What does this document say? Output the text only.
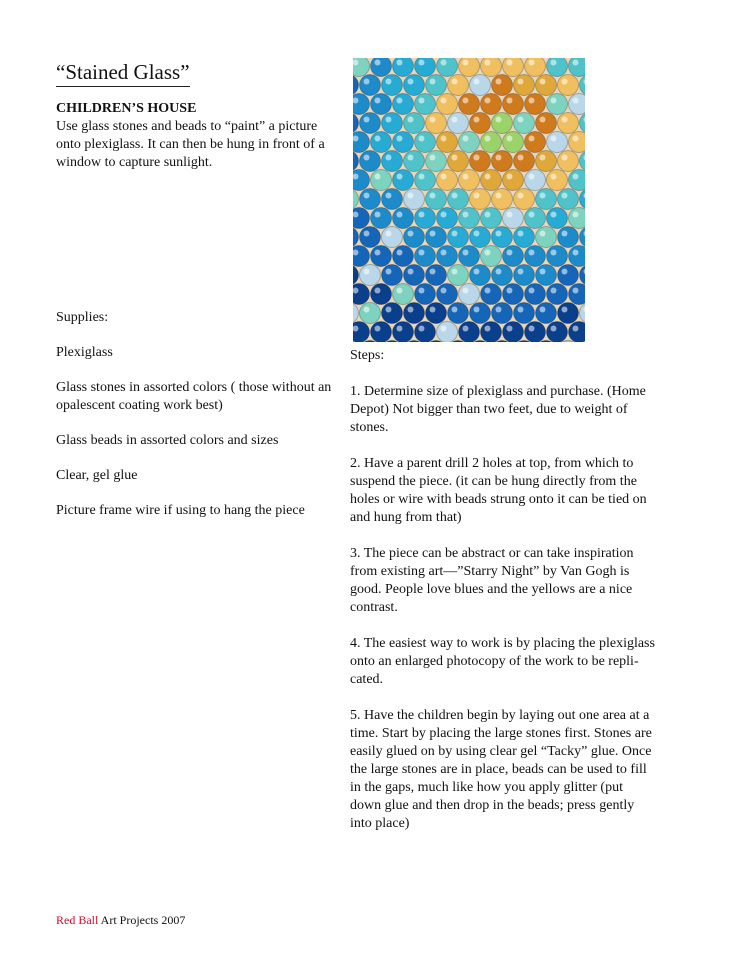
“Stained Glass”
CHILDREN’S HOUSE

Use glass stones and beads to “paint” a picture onto plexiglass. It can then be hung in front of a window to capture sunlight.

Supplies:
Plexiglass
Glass stones in assorted colors ( those without an opalescent coating work best)
Glass beads in assorted colors and sizes
Clear, gel glue
Picture frame wire if using to hang the piece
Steps:
1. Determine size of plexiglass and purchase. (Home Depot) Not bigger than two feet, due to weight of stones.
2. Have a parent drill 2 holes at top, from which to suspend the piece. (it can be hung directly from the holes or wire with beads strung onto it can be tied on and hung from that)
3. The piece can be abstract or can take inspiration from existing art—”Starry Night” by Van Gogh is good. People love blues and the yellows are a nice contrast.
4. The easiest way to work is by placing the plexiglass onto an enlarged photocopy of the work to be repli-cated.
5. Have the children begin by laying out one area at a time. Start by placing the large stones first. Stones are easily glued on by using clear gel “Tacky” glue. Once the large stones are in place, beads can be used to fill in the gaps, much like how you apply glitter (put down glue and then drop in the beads; press gently into place)
Red Ball Art Projects 2007
